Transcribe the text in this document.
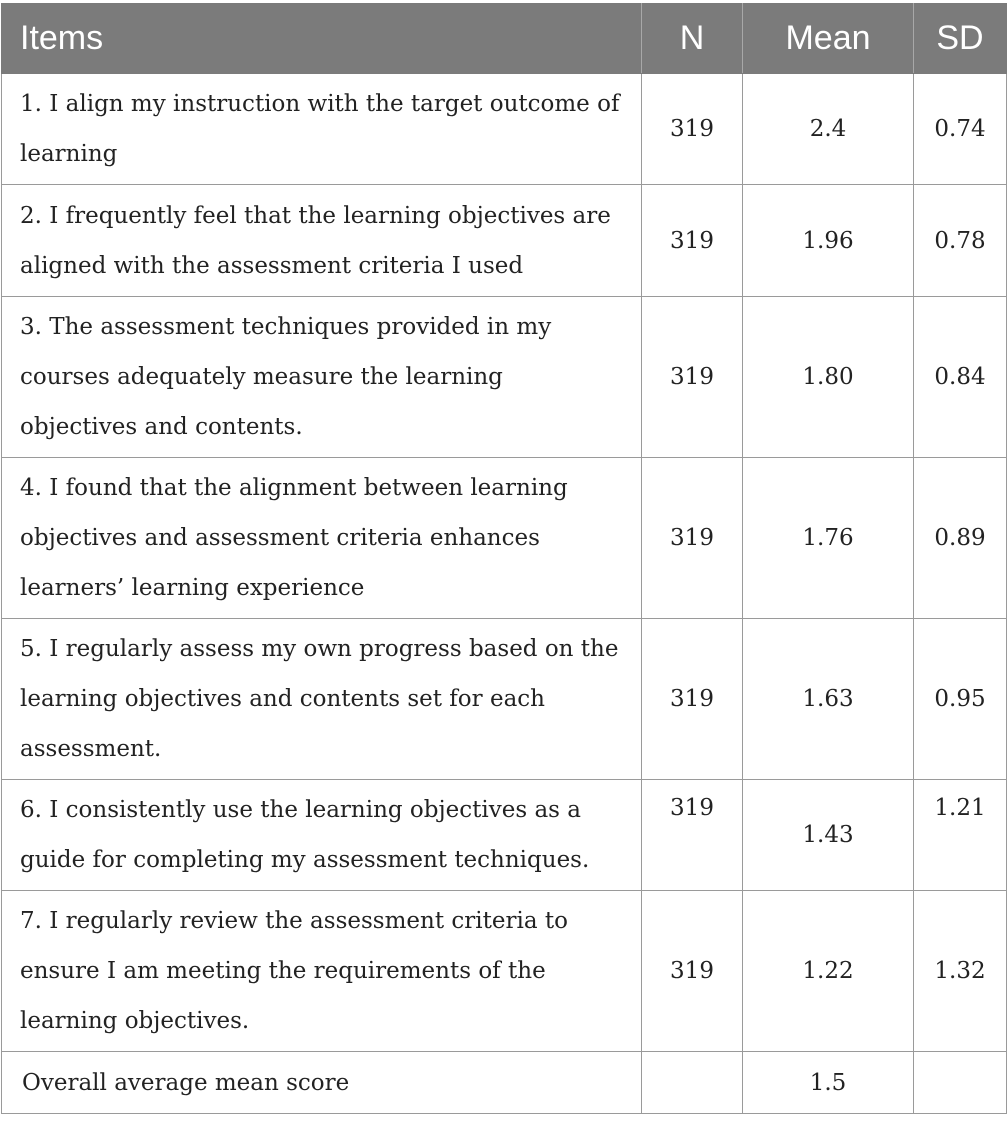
Items	N	Mean	SD
1. I align my instruction with the target outcome of learning	319	2.4	0.74
2. I frequently feel that the learning objectives are aligned with the assessment criteria I used	319	1.96	0.78
3. The assessment techniques provided in my courses adequately measure the learning objectives and contents.	319	1.80	0.84
4. I found that the alignment between learning objectives and assessment criteria enhances learners’ learning experience	319	1.76	0.89
5. I regularly assess my own progress based on the learning objectives and contents set for each assessment.	319	1.63	0.95
6. I consistently use the learning objectives as a guide for completing my assessment techniques.	319	1.43	1.21
7. I regularly review the assessment criteria to ensure I am meeting the requirements of the learning objectives.	319	1.22	1.32
Overall average mean score		1.5	
